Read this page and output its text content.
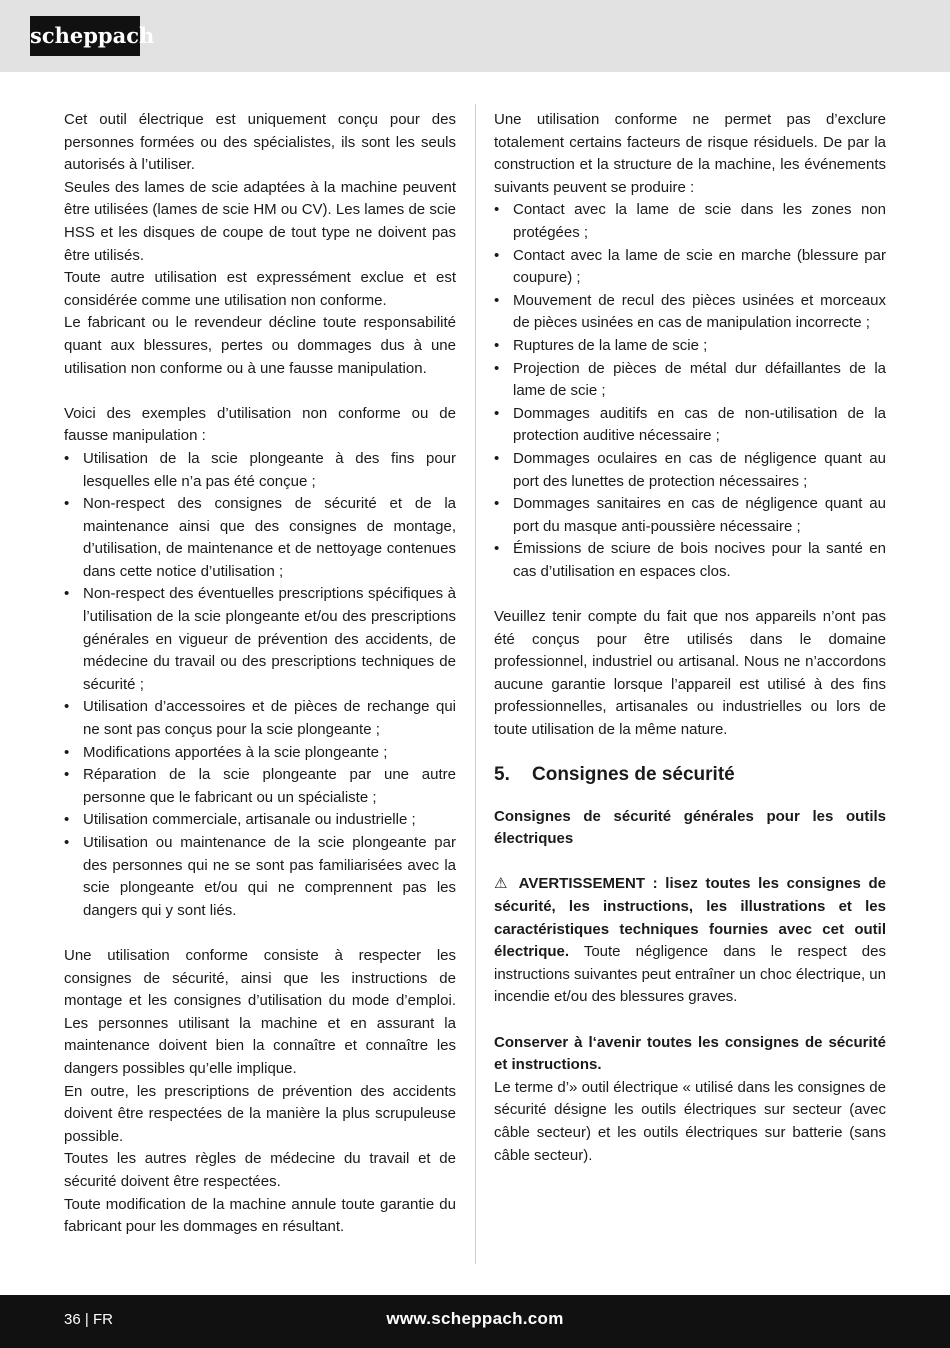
scheppach

Cet outil électrique est uniquement conçu pour des personnes formées ou des spécialistes, ils sont les seuls autorisés à l’utiliser.

Seules des lames de scie adaptées à la machine peuvent être utilisées (lames de scie HM ou CV). Les lames de scie HSS et les disques de coupe de tout type ne doivent pas être utilisés.

Toute autre utilisation est expressément exclue et est considérée comme une utilisation non conforme.

Le fabricant ou le revendeur décline toute responsabilité quant aux blessures, pertes ou dommages dus à une utilisation non conforme ou à une fausse manipulation.

Voici des exemples d’utilisation non conforme ou de fausse manipulation :

• Utilisation de la scie plongeante à des fins pour lesquelles elle n’a pas été conçue ;
• Non-respect des consignes de sécurité et de la maintenance ainsi que des consignes de montage, d’utilisation, de maintenance et de nettoyage contenues dans cette notice d’utilisation ;
• Non-respect des éventuelles prescriptions spécifiques à l’utilisation de la scie plongeante et/ou des prescriptions générales en vigueur de prévention des accidents, de médecine du travail ou des prescriptions techniques de sécurité ;
• Utilisation d’accessoires et de pièces de rechange qui ne sont pas conçus pour la scie plongeante ;
• Modifications apportées à la scie plongeante ;
• Réparation de la scie plongeante par une autre personne que le fabricant ou un spécialiste ;
• Utilisation commerciale, artisanale ou industrielle ;
• Utilisation ou maintenance de la scie plongeante par des personnes qui ne se sont pas familiarisées avec la scie plongeante et/ou qui ne comprennent pas les dangers qui y sont liés.

Une utilisation conforme consiste à respecter les consignes de sécurité, ainsi que les instructions de montage et les consignes d’utilisation du mode d’emploi. Les personnes utilisant la machine et en assurant la maintenance doivent bien la connaître et connaître les dangers possibles qu’elle implique.

En outre, les prescriptions de prévention des accidents doivent être respectées de la manière la plus scrupuleuse possible.

Toutes les autres règles de médecine du travail et de sécurité doivent être respectées.

Toute modification de la machine annule toute garantie du fabricant pour les dommages en résultant.

Une utilisation conforme ne permet pas d’exclure totalement certains facteurs de risque résiduels. De par la construction et la structure de la machine, les événements suivants peuvent se produire :

• Contact avec la lame de scie dans les zones non protégées ;
• Contact avec la lame de scie en marche (blessure par coupure) ;
• Mouvement de recul des pièces usinées et morceaux de pièces usinées en cas de manipulation incorrecte ;
• Ruptures de la lame de scie ;
• Projection de pièces de métal dur défaillantes de la lame de scie ;
• Dommages auditifs en cas de non-utilisation de la protection auditive nécessaire ;
• Dommages oculaires en cas de négligence quant au port des lunettes de protection nécessaires ;
• Dommages sanitaires en cas de négligence quant au port du masque anti-poussière nécessaire ;
• Émissions de sciure de bois nocives pour la santé en cas d’utilisation en espaces clos.

Veuillez tenir compte du fait que nos appareils n’ont pas été conçus pour être utilisés dans le domaine professionnel, industriel ou artisanal. Nous ne n’accordons aucune garantie lorsque l’appareil est utilisé à des fins professionnelles, artisanales ou industrielles ou lors de toute utilisation de la même nature.

5. Consignes de sécurité

Consignes de sécurité générales pour les outils électriques

⚠ AVERTISSEMENT : lisez toutes les consignes de sécurité, les instructions, les illustrations et les caractéristiques techniques fournies avec cet outil électrique. Toute négligence dans le respect des instructions suivantes peut entraîner un choc électrique, un incendie et/ou des blessures graves.

Conserver à l‘avenir toutes les consignes de sécurité et instructions.

Le terme d’» outil électrique « utilisé dans les consignes de sécurité désigne les outils électriques sur secteur (avec câble secteur) et les outils électriques sur batterie (sans câble secteur).

36 | FR	www.scheppach.com
